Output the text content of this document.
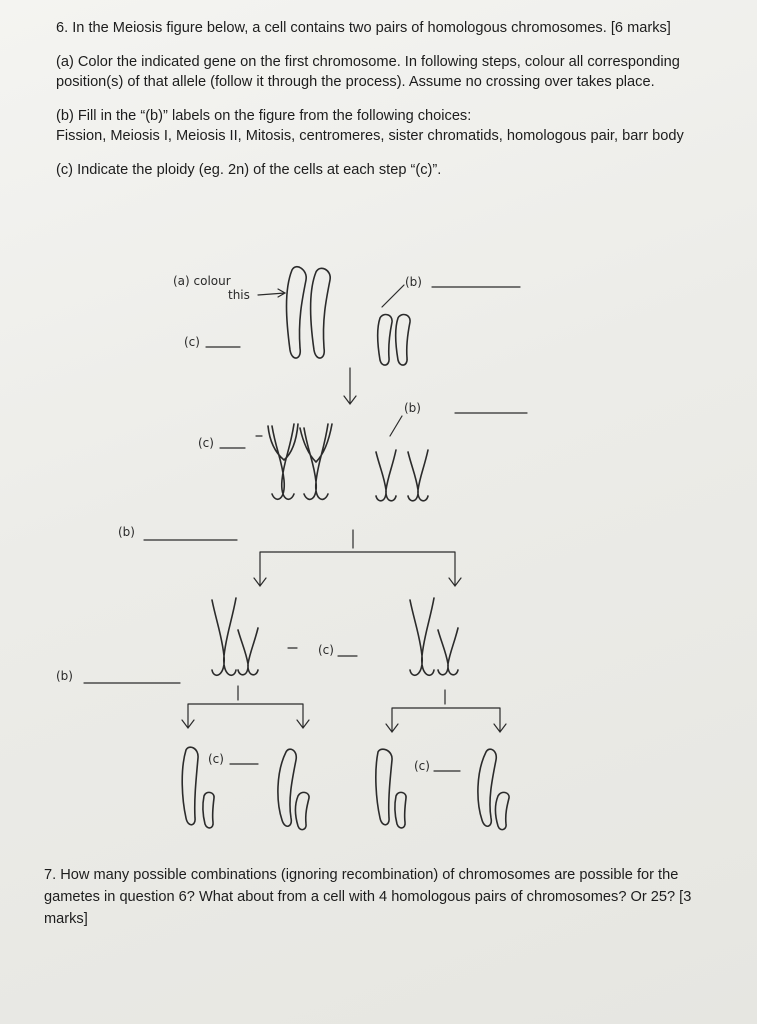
6. In the Meiosis figure below, a cell contains two pairs of homologous chromosomes. [6 marks]

(a) Color the indicated gene on the first chromosome. In following steps, colour all corresponding position(s) of that allele (follow it through the process). Assume no crossing over takes place.

(b) Fill in the “(b)” labels on the figure from the following choices:

Fission, Meiosis I, Meiosis II, Mitosis, centromeres, sister chromatids, homologous pair, barr body

(c) Indicate the ploidy (eg. 2n) of the cells at each step “(c)”.

(a) colour
this
(b)
(c)
(b)
(c)
(b)
(c)
(b)
(c)	(c)

7. How many possible combinations (ignoring recombination) of chromosomes are possible for the gametes in question 6? What about from a cell with 4 homologous pairs of chromosomes? Or 25? [3 marks]
